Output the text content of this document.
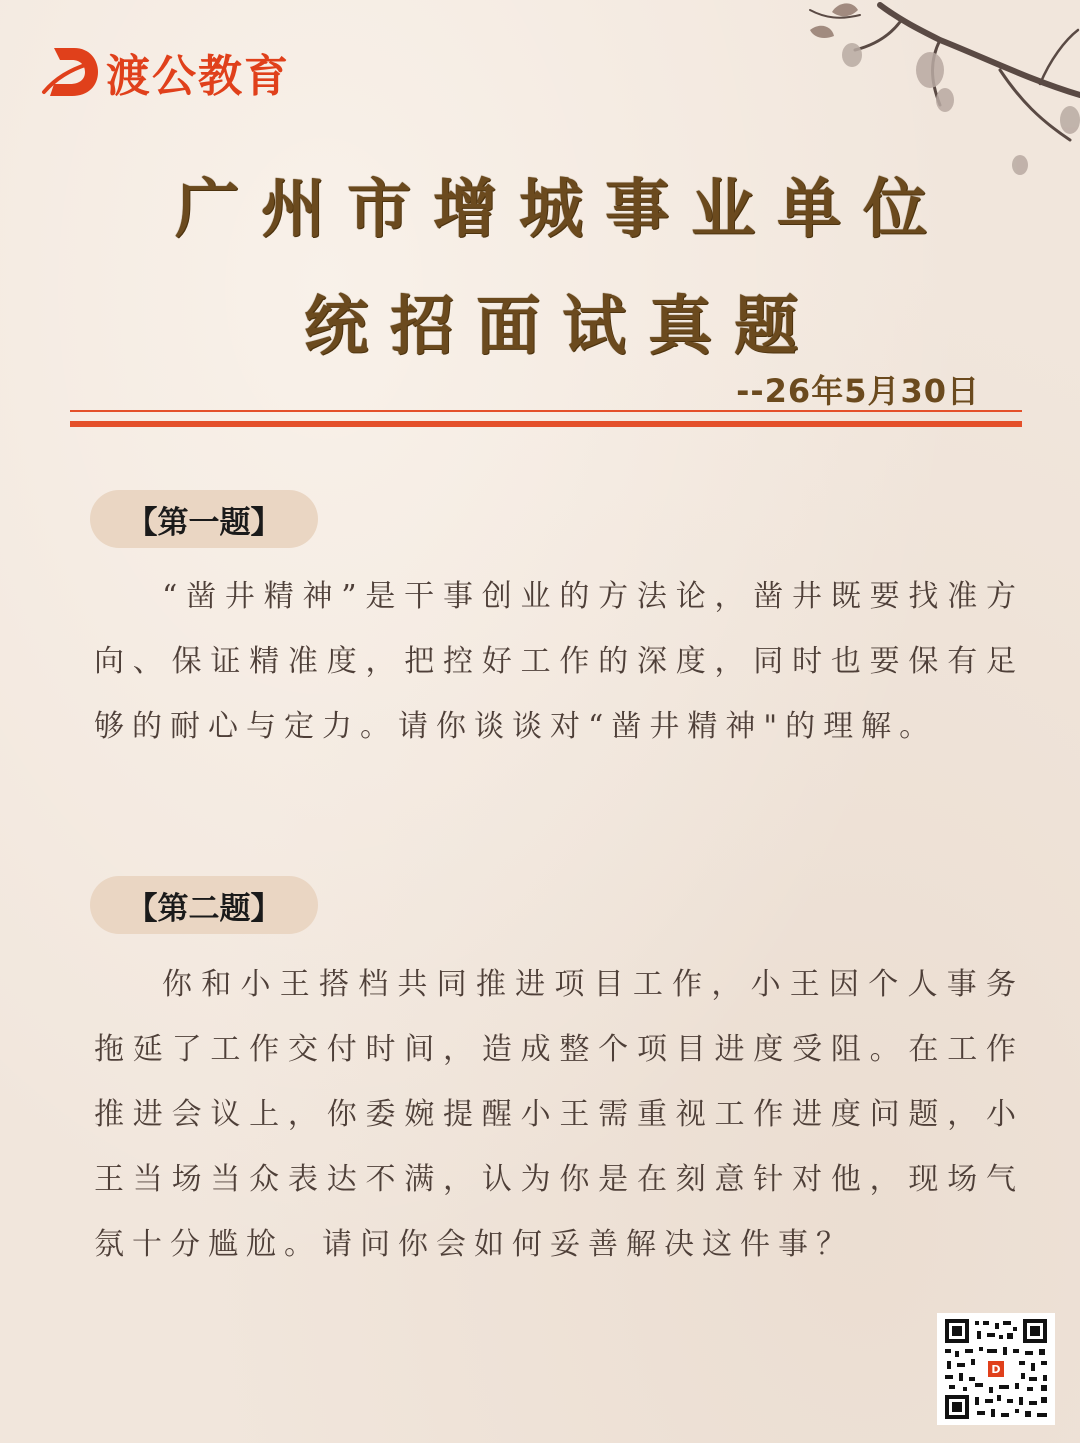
渡公教育
广州市增城事业单位
统招面试真题
--26年5月30日
【第一题】

“凿井精神”是干事创业的方法论，凿井既要找准方向、保证精准度，把控好工作的深度，同时也要保有足够的耐心与定力。请你谈谈对“凿井精神"的理解。

【第二题】

你和小王搭档共同推进项目工作，小王因个人事务拖延了工作交付时间，造成整个项目进度受阻。在工作推进会议上，你委婉提醒小王需重视工作进度问题，小王当场当众表达不满，认为你是在刻意针对他，现场气氛十分尴尬。请问你会如何妥善解决这件事？

D
